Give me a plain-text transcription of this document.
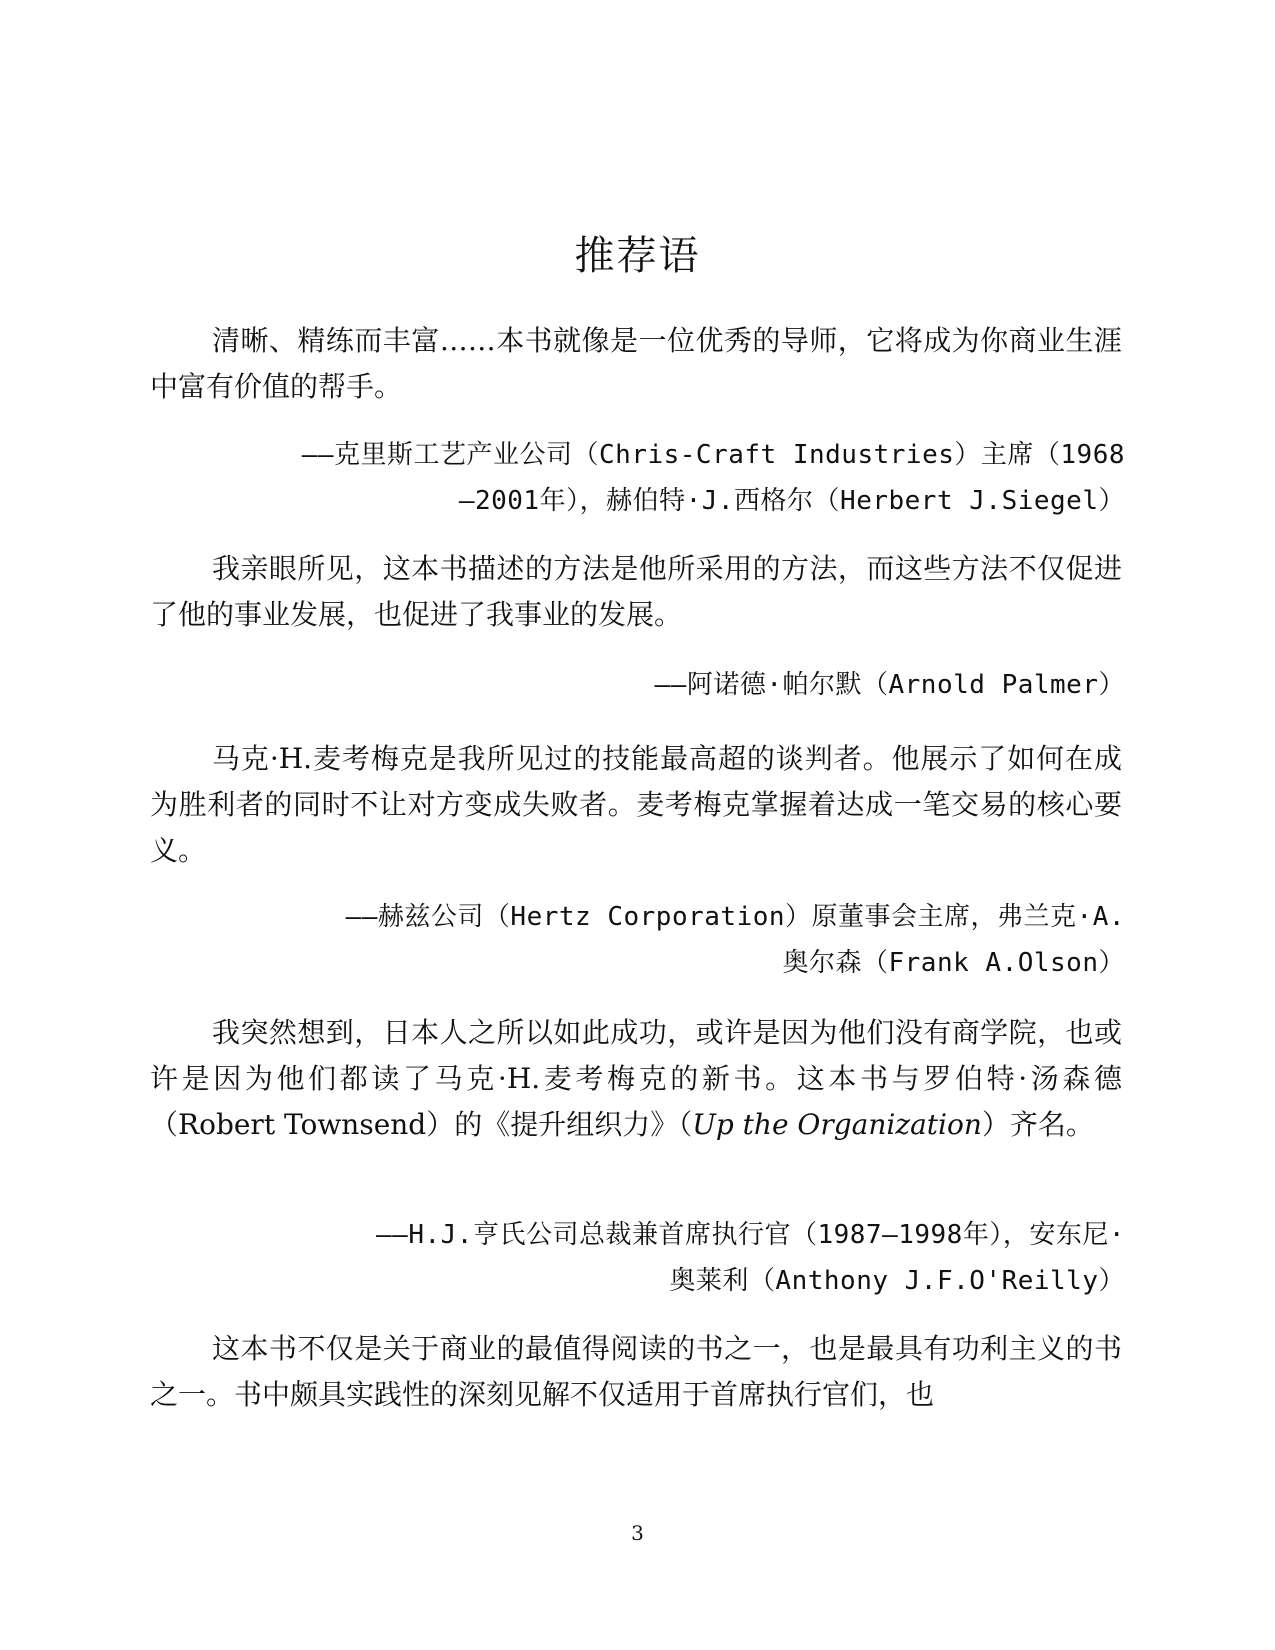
推荐语
清晰、精练而丰富……本书就像是一位优秀的导师，它将成为你商业生涯中富有价值的帮手。
——克里斯工艺产业公司（Chris-Craft Industries）主席（1968
—2001年），赫伯特·J.西格尔（Herbert J.Siegel）
我亲眼所见，这本书描述的方法是他所采用的方法，而这些方法不仅促进了他的事业发展，也促进了我事业的发展。
——阿诺德·帕尔默（Arnold Palmer）
马克·H.麦考梅克是我所见过的技能最高超的谈判者。他展示了如何在成为胜利者的同时不让对方变成失败者。麦考梅克掌握着达成一笔交易的核心要义。
——赫兹公司（Hertz Corporation）原董事会主席，弗兰克·A.
奥尔森（Frank A.Olson）
我突然想到，日本人之所以如此成功，或许是因为他们没有商学院，也或许是因为他们都读了马克·H.麦考梅克的新书。这本书与罗伯特·汤森德（Robert Townsend）的《提升组织力》（Up the Organization）齐名。
——H.J.亨氏公司总裁兼首席执行官（1987—1998年），安东尼·
奥莱利（Anthony J.F.O'Reilly）
这本书不仅是关于商业的最值得阅读的书之一，也是最具有功利主义的书之一。书中颇具实践性的深刻见解不仅适用于首席执行官们，也
3
